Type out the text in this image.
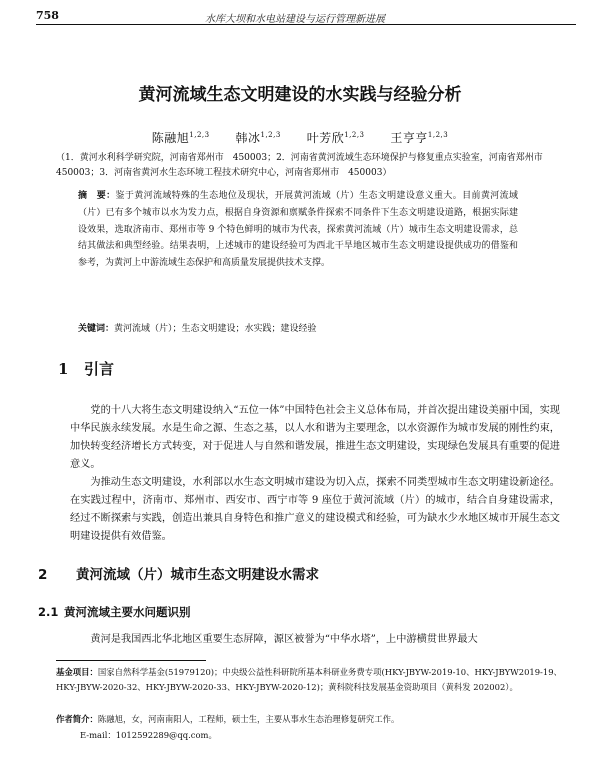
758	水库大坝和水电站建设与运行管理新进展
黄河流域生态文明建设的水实践与经验分析
陈融旭$^{1,2,3}$ 韩冰$^{1,2,3}$ 叶芳欣$^{1,2,3}$ 王亨亨$^{1,2,3}$
（1．黄河水利科学研究院，河南省郑州市　450003；2．河南省黄河流域生态环境保护与修复重点实验室，河南省郑州市　450003；3．河南省黄河水生态环境工程技术研究中心，河南省郑州市　450003）
摘　要：鉴于黄河流域特殊的生态地位及现状，开展黄河流域（片）生态文明建设意义重大。目前黄河流域（片）已有多个城市以水为发力点，根据自身资源和禀赋条件探索不同条件下生态文明建设道路，根据实际建设效果，选取济南市、郑州市等 9 个特色鲜明的城市为代表，探索黄河流域（片）城市生态文明建设需求，总结其做法和典型经验。结果表明，上述城市的建设经验可为西北干旱地区城市生态文明建设提供成功的借鉴和参考，为黄河上中游流域生态保护和高质量发展提供技术支撑。
关键词：黄河流域（片）；生态文明建设；水实践；建设经验
1 引言
党的十八大将生态文明建设纳入“五位一体”中国特色社会主义总体布局，并首次提出建设美丽中国，实现中华民族永续发展。水是生命之源、生态之基，以人水和谐为主要理念，以水资源作为城市发展的刚性约束，加快转变经济增长方式转变，对于促进人与自然和谐发展，推进生态文明建设，实现绿色发展具有重要的促进意义。
为推动生态文明建设，水利部以水生态文明城市建设为切入点，探索不同类型城市生态文明建设新途径。在实践过程中，济南市、郑州市、西安市、西宁市等 9 座位于黄河流域（片）的城市，结合自身建设需求，经过不断探索与实践，创造出兼具自身特色和推广意义的建设模式和经验，可为缺水少水地区城市开展生态文明建设提供有效借鉴。
2 黄河流域（片）城市生态文明建设水需求
2.1 黄河流域主要水问题识别
黄河是我国西北华北地区重要生态屏障，源区被誉为“中华水塔”，上中游横贯世界最大
基金项目：国家自然科学基金(51979120)；中央级公益性科研院所基本科研业务费专项(HKY-JBYW-2019-10、HKY-JBYW2019-19、HKY-JBYW-2020-32、HKY-JBYW-2020-33、HKY-JBYW-2020-12)；黄科院科技发展基金资助项目（黄科发 202002）。
作者简介：陈融旭，女，河南南阳人，工程师，硕士生，主要从事水生态治理修复研究工作。
E-mail：1012592289@qq.com。
